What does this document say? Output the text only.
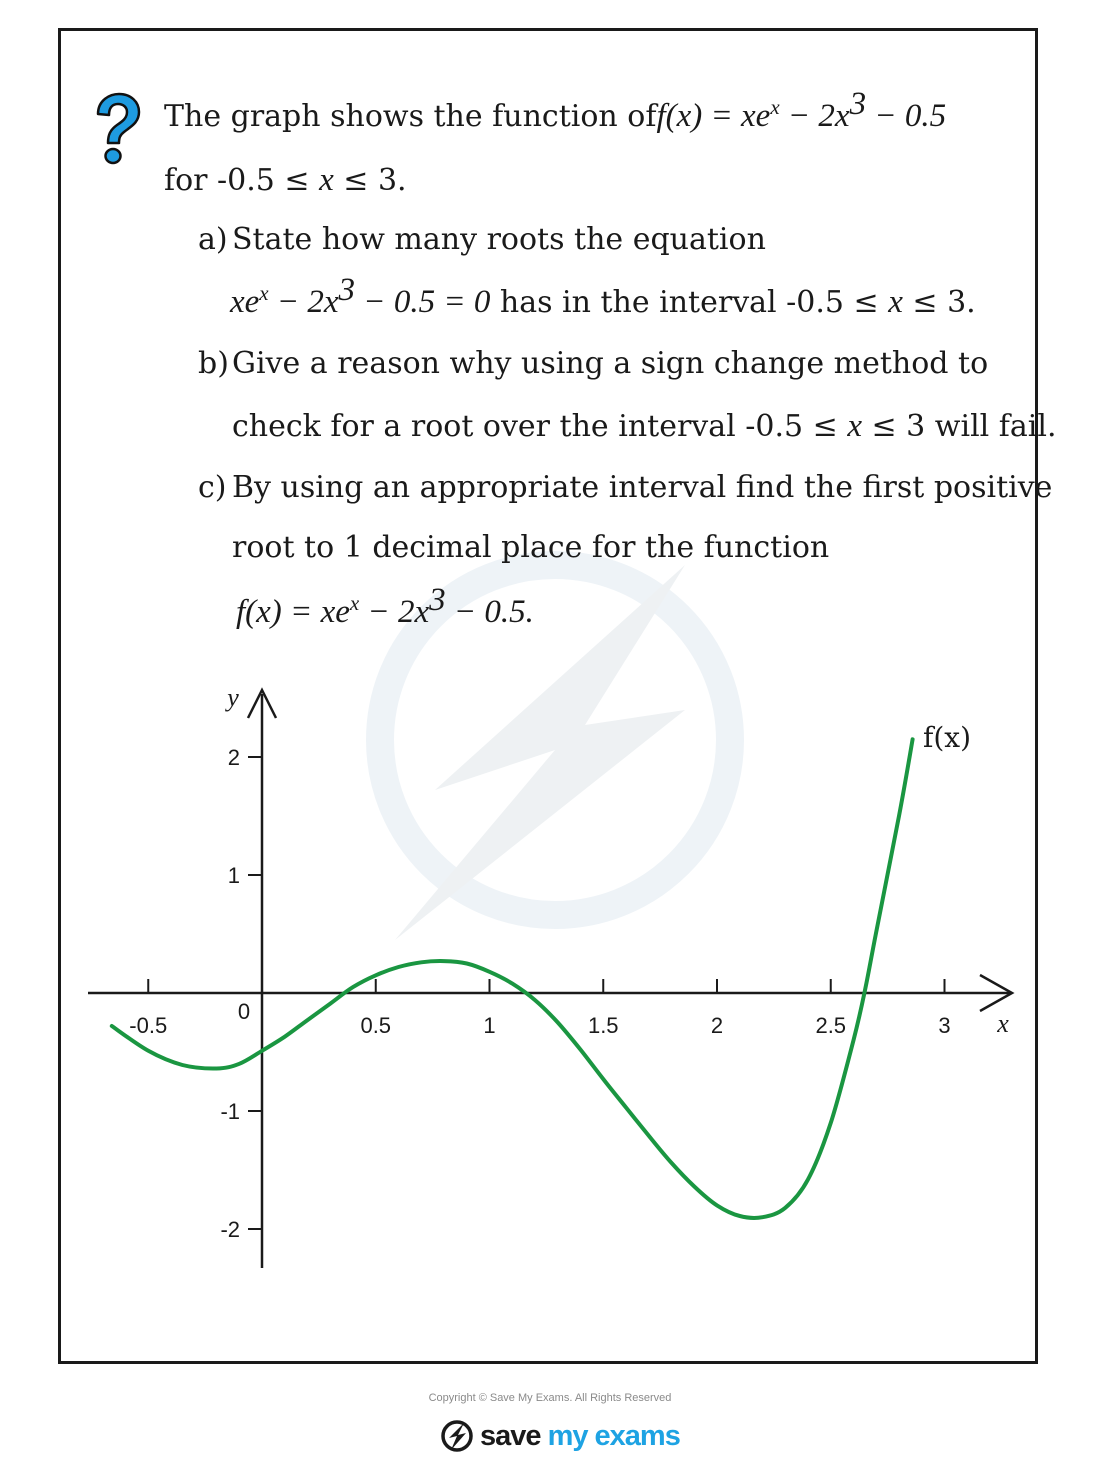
The graph shows the function $off(x) = xe^x - 2x^3 - 0.5$
for -0.5 ≤ x ≤ 3.
a) State how many roots the equation
$xe^x - 2x^3 - 0.5 = 0$ has in the interval -0.5 ≤ x ≤ 3.
b) Give a reason why using a sign change method to
check for a root over the interval -0.5 ≤ x ≤ 3 will fail.
c) By using an appropriate interval find the first positive
root to 1 decimal place for the function
$f(x) = xe^x - 2x^3 - 0.5$.
-0.5	0.5	1	1.5	2	2.5	3
2
1
-1
-2
0	x
y
f(x)
Copyright © Save My Exams. All Rights Reserved
save my exams
